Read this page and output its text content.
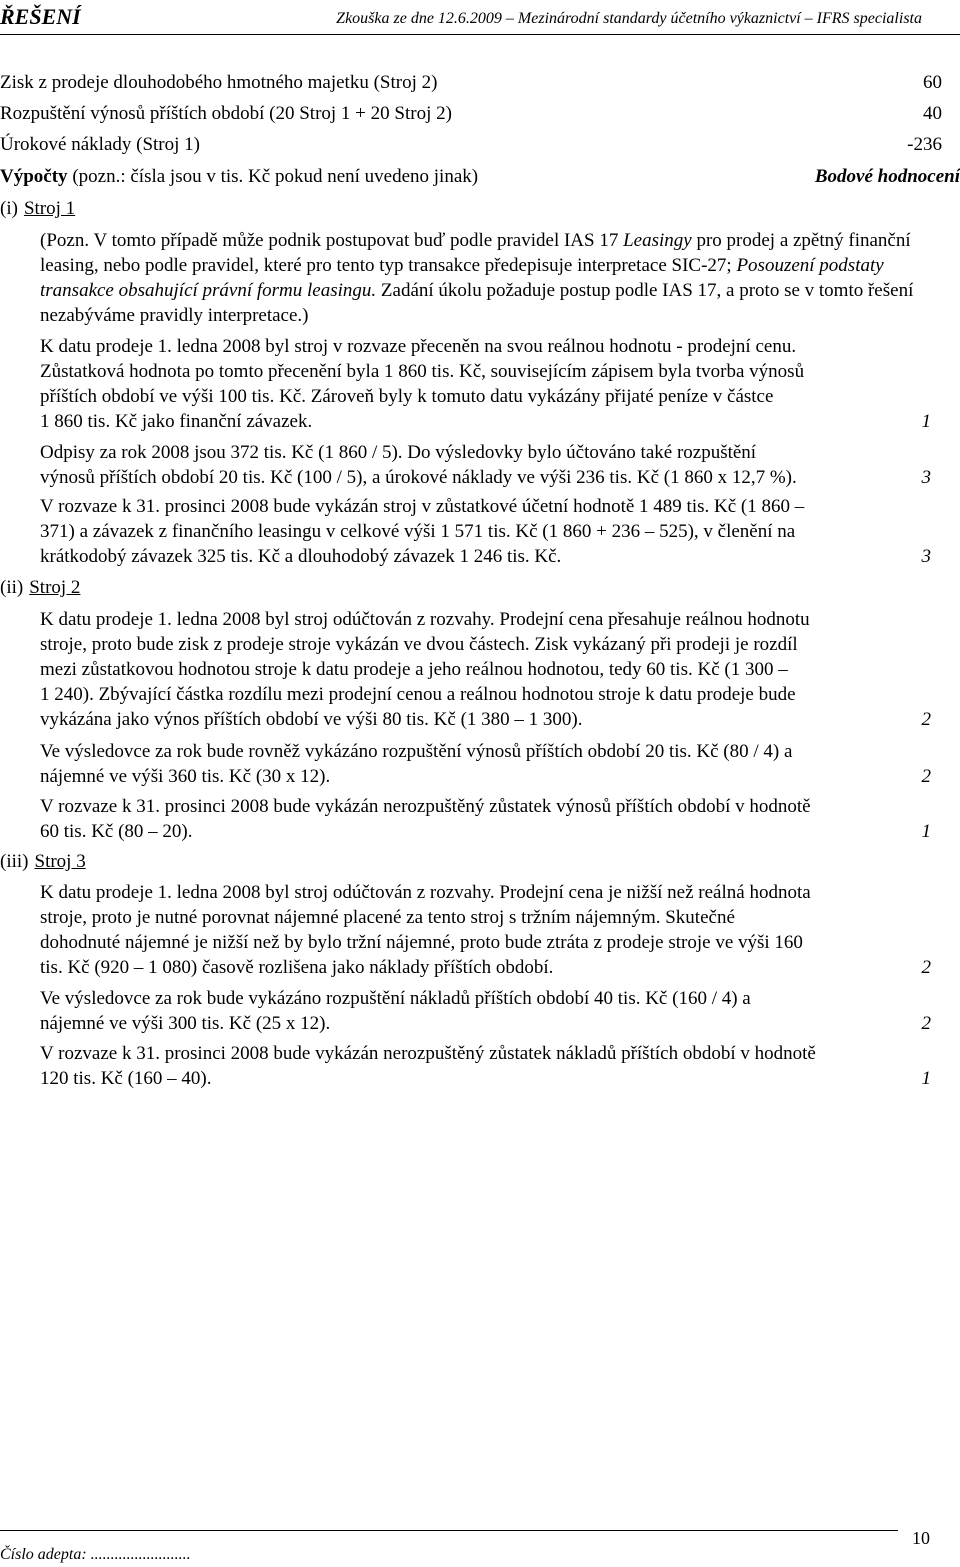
ŘEŠENÍ	Zkouška ze dne 12.6.2009 – Mezinárodní standardy účetního výkaznictví – IFRS specialista
Zisk z prodeje dlouhodobého hmotného majetku (Stroj 2)	60
Rozpuštění výnosů příštích období (20 Stroj 1 + 20 Stroj 2)	40
Úrokové náklady (Stroj 1)	-236
Výpočty (pozn.: čísla jsou v tis. Kč pokud není uvedeno jinak)	Bodové hodnocení
(i) Stroj 1

(Pozn. V tomto případě může podnik postupovat buď podle pravidel IAS 17 Leasingy pro prodej a zpětný finanční leasing, nebo podle pravidel, které pro tento typ transakce předepisuje interpretace SIC-27; Posouzení podstaty transakce obsahující právní formu leasingu. Zadání úkolu požaduje postup podle IAS 17, a proto se v tomto řešení nezabýváme pravidly interpretace.)

K datu prodeje 1. ledna 2008 byl stroj v rozvaze přeceněn na svou reálnou hodnotu - prodejní cenu.
Zůstatková hodnota po tomto přecenění byla 1 860 tis. Kč, souvisejícím zápisem byla tvorba výnosů
příštích období ve výši 100 tis. Kč. Zároveň byly k tomuto datu vykázány přijaté peníze v částce
1 860 tis. Kč jako finanční závazek.	1

Odpisy za rok 2008 jsou 372 tis. Kč (1 860 / 5). Do výsledovky bylo účtováno také rozpuštění
výnosů příštích období 20 tis. Kč (100 / 5), a úrokové náklady ve výši 236 tis. Kč (1 860 x 12,7 %).	3

V rozvaze k 31. prosinci 2008 bude vykázán stroj v zůstatkové účetní hodnotě 1 489 tis. Kč (1 860 –
371) a závazek z finančního leasingu v celkové výši 1 571 tis. Kč (1 860 + 236 – 525), v členění na
krátkodobý závazek 325 tis. Kč a dlouhodobý závazek 1 246 tis. Kč.	3
(ii) Stroj 2

K datu prodeje 1. ledna 2008 byl stroj odúčtován z rozvahy. Prodejní cena přesahuje reálnou hodnotu
stroje, proto bude zisk z prodeje stroje vykázán ve dvou částech. Zisk vykázaný při prodeji je rozdíl
mezi zůstatkovou hodnotou stroje k datu prodeje a jeho reálnou hodnotou, tedy 60 tis. Kč (1 300 –
1 240). Zbývající částka rozdílu mezi prodejní cenou a reálnou hodnotou stroje k datu prodeje bude
vykázána jako výnos příštích období ve výši 80 tis. Kč (1 380 – 1 300).	2

Ve výsledovce za rok bude rovněž vykázáno rozpuštění výnosů příštích období 20 tis. Kč (80 / 4) a
nájemné ve výši 360 tis. Kč (30 x 12).	2

V rozvaze k 31. prosinci 2008 bude vykázán nerozpuštěný zůstatek výnosů příštích období v hodnotě
60 tis. Kč (80 – 20).	1
(iii) Stroj 3

K datu prodeje 1. ledna 2008 byl stroj odúčtován z rozvahy. Prodejní cena je nižší než reálná hodnota
stroje, proto je nutné porovnat nájemné placené za tento stroj s tržním nájemným. Skutečné
dohodnuté nájemné je nižší než by bylo tržní nájemné, proto bude ztráta z prodeje stroje ve výši 160
tis. Kč (920 – 1 080) časově rozlišena jako náklady příštích období.	2

Ve výsledovce za rok bude vykázáno rozpuštění nákladů příštích období 40 tis. Kč (160 / 4) a
nájemné ve výši 300 tis. Kč (25 x 12).	2

V rozvaze k 31. prosinci 2008 bude vykázán nerozpuštěný zůstatek nákladů příštích období v hodnotě
120 tis. Kč (160 – 40).	1
Číslo adepta: .........................
10
